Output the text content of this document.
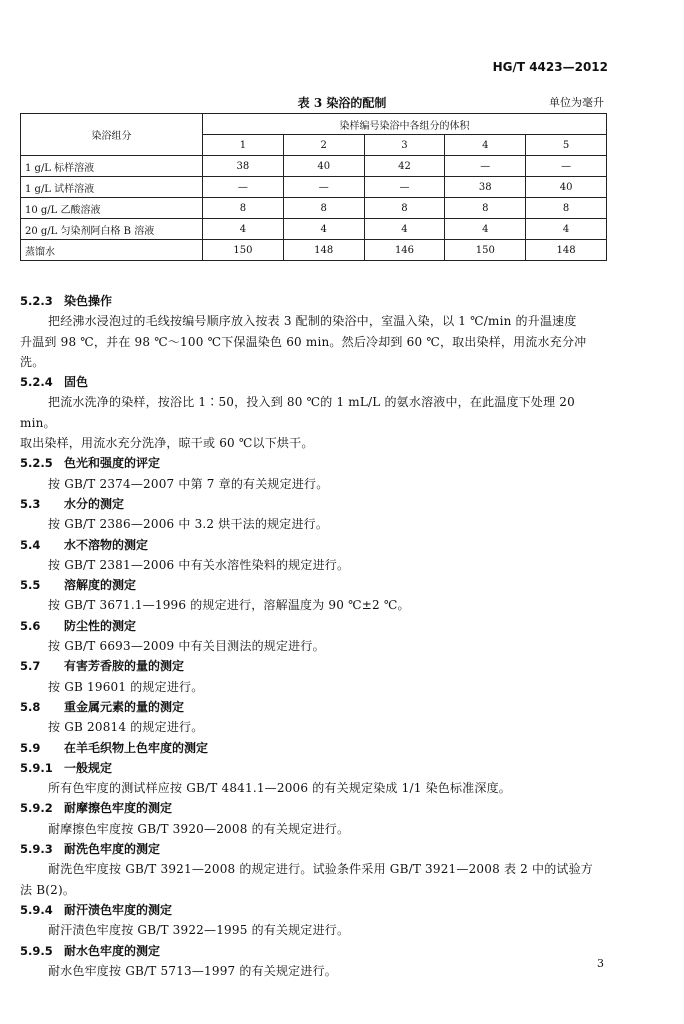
HG/T 4423—2012
表 3 染浴的配制	单位为毫升
染浴组分	染样编号染浴中各组分的体积				
	1	2	3	4	5
1 g/L 标样溶液	38	40	42	—	—
1 g/L 试样溶液	—	—	—	38	40
10 g/L 乙酸溶液	8	8	8	8	8
20 g/L 匀染剂阿白格 B 溶液	4	4	4	4	4
蒸馏水	150	148	146	150	148
5.2.3 染色操作
把经沸水浸泡过的毛线按编号顺序放入按表 3 配制的染浴中，室温入染，以 1 ℃/min 的升温速度
升温到 98 ℃，并在 98 ℃～100 ℃下保温染色 60 min。然后冷却到 60 ℃，取出染样，用流水充分冲洗。
5.2.4 固色
把流水洗净的染样，按浴比 1∶50，投入到 80 ℃的 1 mL/L 的氨水溶液中，在此温度下处理 20 min。
取出染样，用流水充分洗净，晾干或 60 ℃以下烘干。
5.2.5 色光和强度的评定
按 GB/T 2374—2007 中第 7 章的有关规定进行。
5.3 水分的测定
按 GB/T 2386—2006 中 3.2 烘干法的规定进行。
5.4 水不溶物的测定
按 GB/T 2381—2006 中有关水溶性染料的规定进行。
5.5 溶解度的测定
按 GB/T 3671.1—1996 的规定进行，溶解温度为 90 ℃±2 ℃。
5.6 防尘性的测定
按 GB/T 6693—2009 中有关目测法的规定进行。
5.7 有害芳香胺的量的测定
按 GB 19601 的规定进行。
5.8 重金属元素的量的测定
按 GB 20814 的规定进行。
5.9 在羊毛织物上色牢度的测定
5.9.1 一般规定
所有色牢度的测试样应按 GB/T 4841.1—2006 的有关规定染成 1/1 染色标准深度。
5.9.2 耐摩擦色牢度的测定
耐摩擦色牢度按 GB/T 3920—2008 的有关规定进行。
5.9.3 耐洗色牢度的测定
耐洗色牢度按 GB/T 3921—2008 的规定进行。试验条件采用 GB/T 3921—2008 表 2 中的试验方
法 B(2)。
5.9.4 耐汗渍色牢度的测定
耐汗渍色牢度按 GB/T 3922—1995 的有关规定进行。
5.9.5 耐水色牢度的测定
耐水色牢度按 GB/T 5713—1997 的有关规定进行。
3
